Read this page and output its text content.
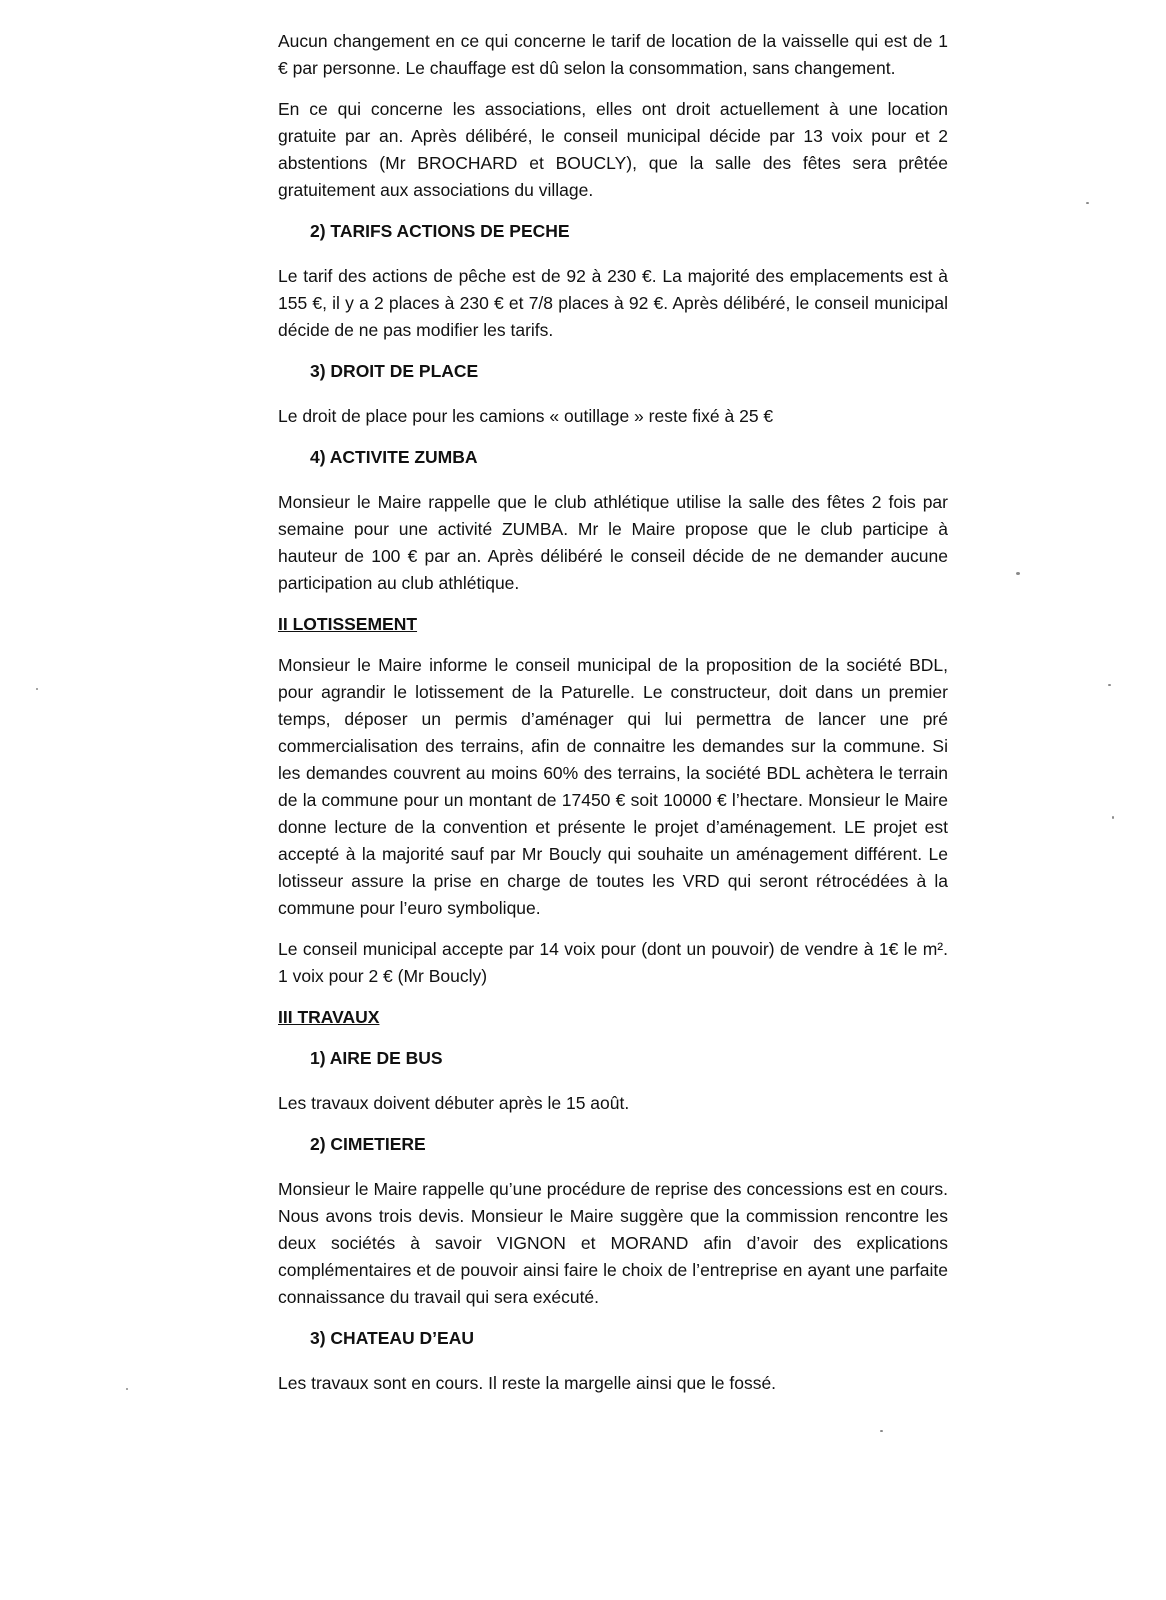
Aucun changement en ce qui concerne le tarif de location de la vaisselle qui est de 1 € par personne. Le chauffage est dû selon la consommation, sans changement.

En ce qui concerne les associations, elles ont droit actuellement à une location gratuite par an. Après délibéré, le conseil municipal décide par 13 voix pour et 2 abstentions (Mr BROCHARD et BOUCLY), que la salle des fêtes sera prêtée gratuitement aux associations du village.

2) TARIFS ACTIONS DE PECHE

Le tarif des actions de pêche est de 92 à 230 €. La majorité des emplacements est à 155 €, il y a 2 places à 230 € et 7/8 places à 92 €. Après délibéré, le conseil municipal décide de ne pas modifier les tarifs.

3) DROIT DE PLACE

Le droit de place pour les camions « outillage » reste fixé à 25 €

4) ACTIVITE ZUMBA

Monsieur le Maire rappelle que le club athlétique utilise la salle des fêtes 2 fois par semaine pour une activité ZUMBA. Mr le Maire propose que le club participe à hauteur de 100 € par an. Après délibéré le conseil décide de ne demander aucune participation au club athlétique.

II LOTISSEMENT

Monsieur le Maire informe le conseil municipal de la proposition de la société BDL, pour agrandir le lotissement de la Paturelle. Le constructeur, doit dans un premier temps, déposer un permis d’aménager qui lui permettra de lancer une pré commercialisation des terrains, afin de connaitre les demandes sur la commune. Si les demandes couvrent au moins 60% des terrains, la société BDL achètera le terrain de la commune pour un montant de 17450 € soit 10000 € l’hectare. Monsieur le Maire donne lecture de la convention et présente le projet d’aménagement. LE projet est accepté à la majorité sauf par Mr Boucly qui souhaite un aménagement différent. Le lotisseur assure la prise en charge de toutes les VRD qui seront rétrocédées à la commune pour l’euro symbolique.

Le conseil municipal accepte par 14 voix pour (dont un pouvoir) de vendre à 1€ le m². 1 voix pour 2 € (Mr Boucly)

III TRAVAUX
1) AIRE DE BUS

Les travaux doivent débuter après le 15 août.

2) CIMETIERE

Monsieur le Maire rappelle qu’une procédure de reprise des concessions est en cours. Nous avons trois devis. Monsieur le Maire suggère que la commission rencontre les deux sociétés à savoir VIGNON et MORAND afin d’avoir des explications complémentaires et de pouvoir ainsi faire le choix de l’entreprise en ayant une parfaite connaissance du travail qui sera exécuté.

3) CHATEAU D’EAU

Les travaux sont en cours. Il reste la margelle ainsi que le fossé.
